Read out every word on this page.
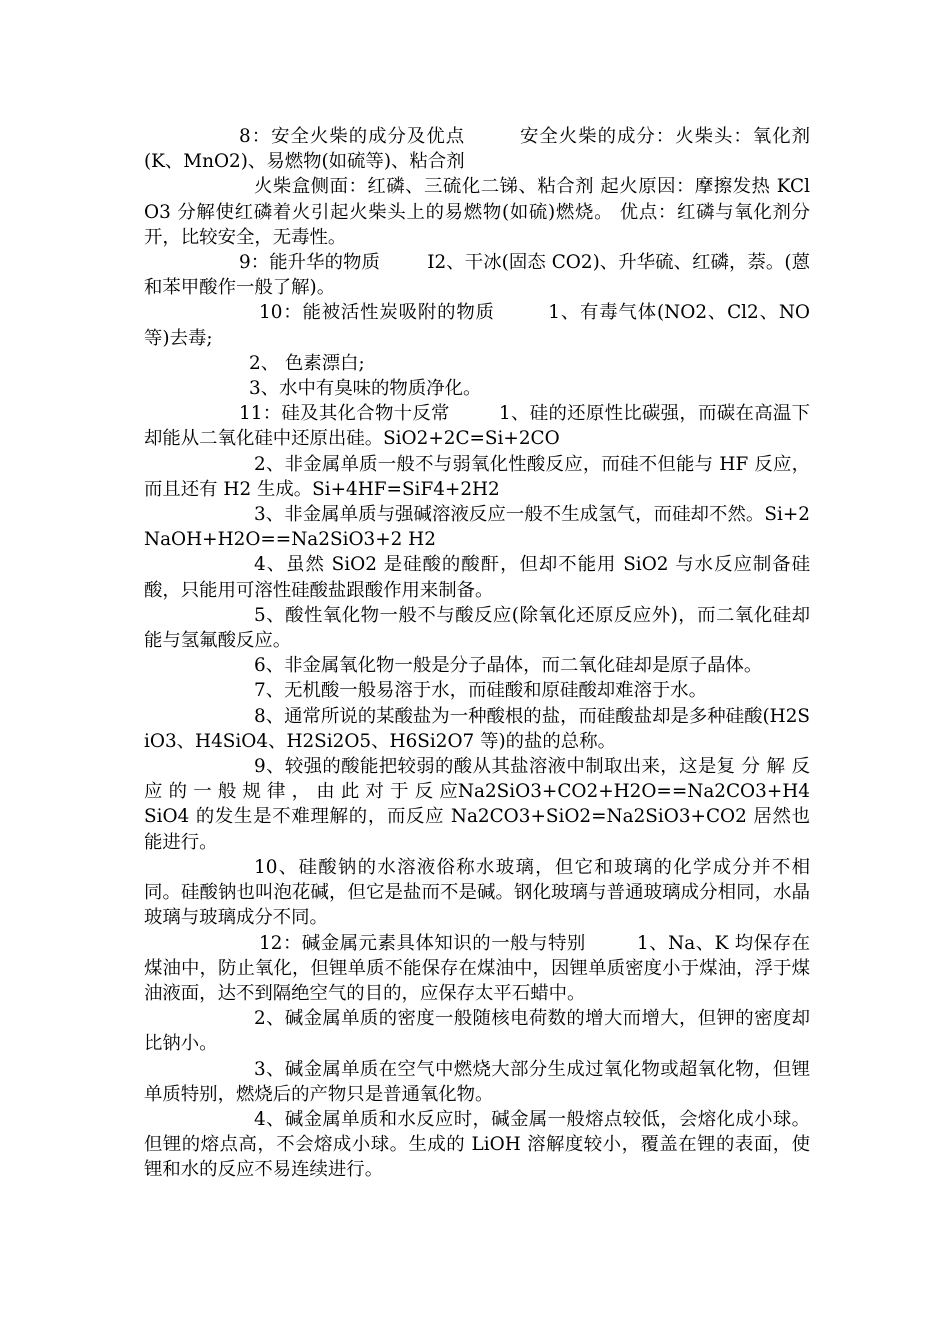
8：安全火柴的成分及优点        安全火柴的成分：火柴头：氧化剂(K、MnO2)、易燃物(如硫等)、粘合剂

火柴盒侧面：红磷、三硫化二锑、粘合剂 起火原因：摩擦发热 KClO3 分解使红磷着火引起火柴头上的易燃物(如硫)燃烧。 优点：红磷与氧化剂分开，比较安全，无毒性。

9：能升华的物质        I2、干冰(固态 CO2)、升华硫、红磷，萘。(蒽和苯甲酸作一般了解)。

10：能被活性炭吸附的物质        1、有毒气体(NO2、Cl2、NO 等)去毒;

2、 色素漂白;

3、水中有臭味的物质净化。

11：硅及其化合物十反常        1、硅的还原性比碳强，而碳在高温下却能从二氧化硅中还原出硅。SiO2+2C=Si+2CO

2、非金属单质一般不与弱氧化性酸反应，而硅不但能与 HF 反应，而且还有 H2 生成。Si+4HF=SiF4+2H2

3、非金属单质与强碱溶液反应一般不生成氢气，而硅却不然。Si+2NaOH+H2O==Na2SiO3+2 H2

4、虽然 SiO2 是硅酸的酸酐，但却不能用 SiO2 与水反应制备硅酸，只能用可溶性硅酸盐跟酸作用来制备。

5、酸性氧化物一般不与酸反应(除氧化还原反应外)，而二氧化硅却能与氢氟酸反应。

6、非金属氧化物一般是分子晶体，而二氧化硅却是原子晶体。

7、无机酸一般易溶于水，而硅酸和原硅酸却难溶于水。

8、通常所说的某酸盐为一种酸根的盐，而硅酸盐却是多种硅酸(H2SiO3、H4SiO4、H2Si2O5、H6Si2O7 等)的盐的总称。

9、较强的酸能把较弱的酸从其盐溶液中制取出来，这是复 分 解 反 应 的 一 般 规 律 ， 由 此 对 于 反 应Na2SiO3+CO2+H2O==Na2CO3+H4SiO4 的发生是不难理解的，而反应 Na2CO3+SiO2=Na2SiO3+CO2 居然也能进行。

10、硅酸钠的水溶液俗称水玻璃，但它和玻璃的化学成分并不相同。硅酸钠也叫泡花碱，但它是盐而不是碱。钢化玻璃与普通玻璃成分相同，水晶玻璃与玻璃成分不同。

12：碱金属元素具体知识的一般与特别        1、Na、K 均保存在煤油中，防止氧化，但锂单质不能保存在煤油中，因锂单质密度小于煤油，浮于煤油液面，达不到隔绝空气的目的，应保存太平石蜡中。

2、碱金属单质的密度一般随核电荷数的增大而增大，但钾的密度却比钠小。

3、碱金属单质在空气中燃烧大部分生成过氧化物或超氧化物，但锂单质特别，燃烧后的产物只是普通氧化物。

4、碱金属单质和水反应时，碱金属一般熔点较低，会熔化成小球。但锂的熔点高，不会熔成小球。生成的 LiOH 溶解度较小，覆盖在锂的表面，使锂和水的反应不易连续进行。
